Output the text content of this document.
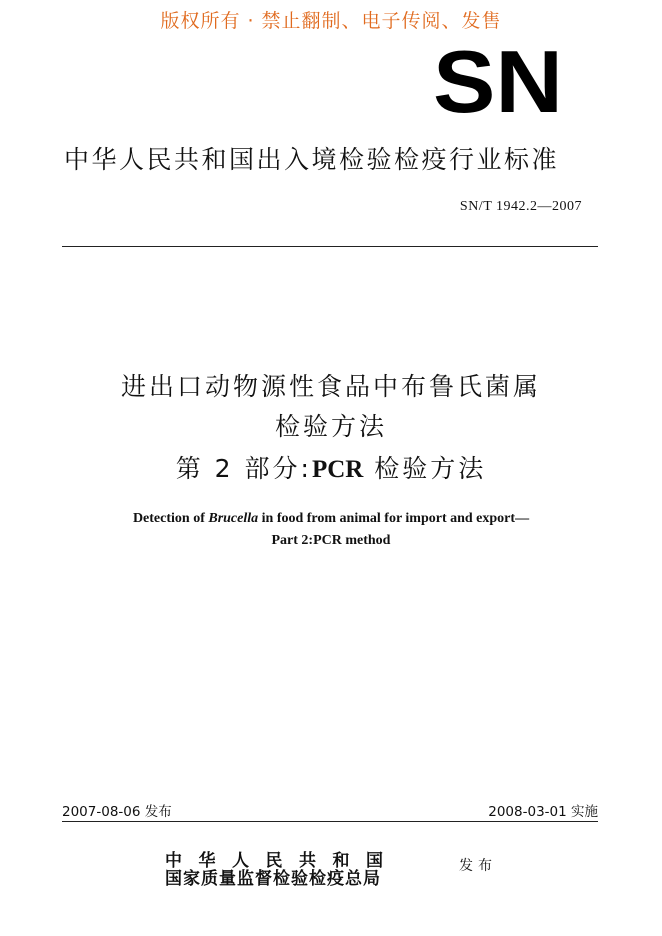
版权所有 · 禁止翻制、电子传阅、发售
SN
中华人民共和国出入境检验检疫行业标准
SN/T 1942.2—2007
进出口动物源性食品中布鲁氏菌属
检验方法
第 2 部分:PCR 检验方法
Detection of Brucella in food from animal for import and export—
Part 2:PCR method
2007-08-06 发布	2008-03-01 实施
中华人民共和国
国家质量监督检验检疫总局
发布
